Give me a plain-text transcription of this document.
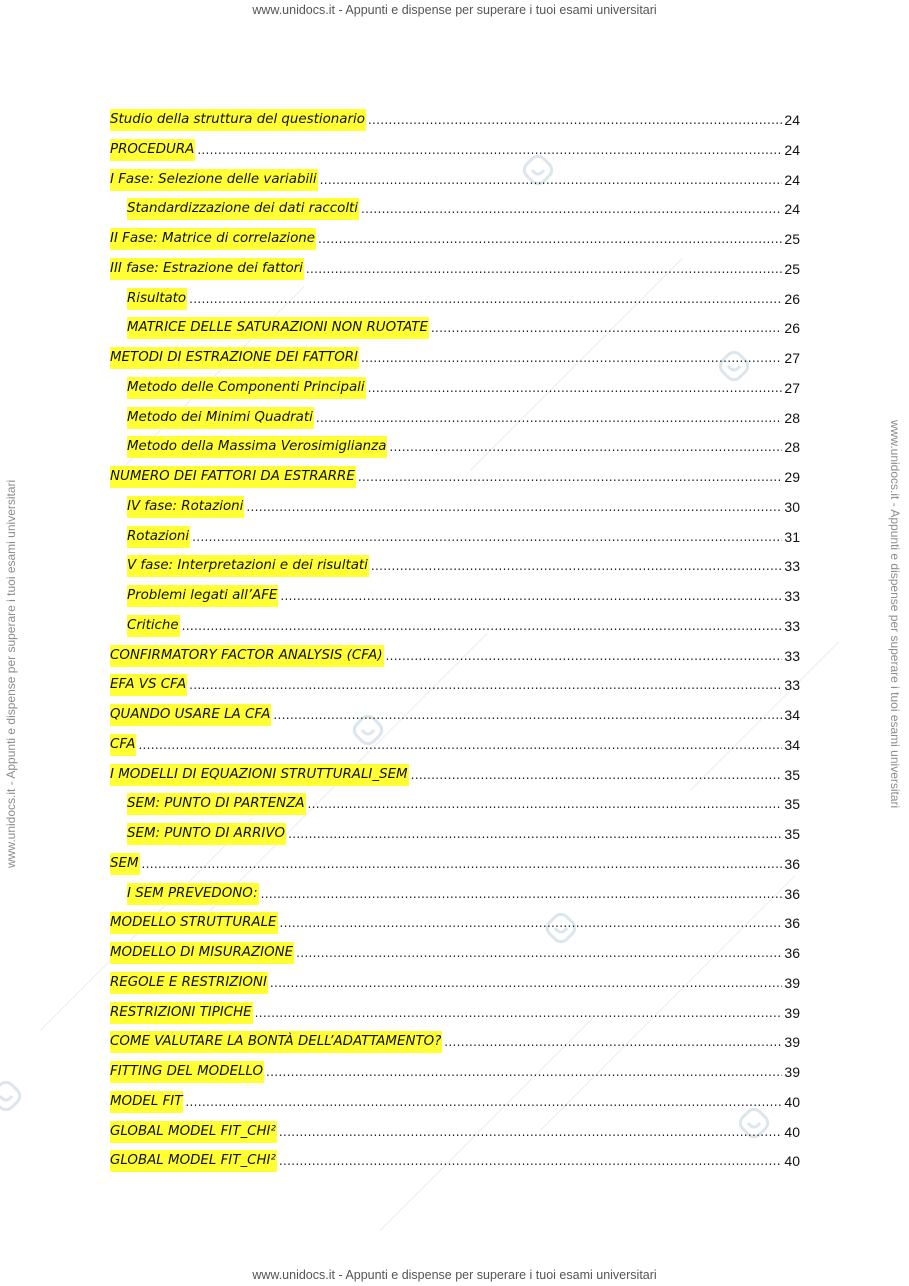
www.unidocs.it - Appunti e dispense per superare i tuoi esami universitari
www.unidocs.it - Appunti e dispense per superare i tuoi esami universitari
www.unidocs.it - Appunti e dispense per superare i tuoi esami universitari	www.unidocs.it - Appunti e dispense per superare i tuoi esami universitari
Studio della struttura del questionario .....	24
PROCEDURA .....	24
I Fase: Selezione delle variabili .....	24
Standardizzazione dei dati raccolti .....	24
II Fase: Matrice di correlazione .....	25
III fase: Estrazione dei fattori .....	25
Risultato .....	26
MATRICE DELLE SATURAZIONI NON RUOTATE .....	26
METODI DI ESTRAZIONE DEI FATTORI .....	27
Metodo delle Componenti Principali .....	27
Metodo dei Minimi Quadrati .....	28
Metodo della Massima Verosimiglianza .....	28
NUMERO DEI FATTORI DA ESTRARRE .....	29
IV fase: Rotazioni .....	30
Rotazioni .....	31
V fase: Interpretazioni e dei risultati .....	33
Problemi legati all’AFE .....	33
Critiche .....	33
CONFIRMATORY FACTOR ANALYSIS (CFA) .....	33
EFA VS CFA .....	33
QUANDO USARE LA CFA .....	34
CFA .....	34
I MODELLI DI EQUAZIONI STRUTTURALI_SEM .....	35
SEM: PUNTO DI PARTENZA .....	35
SEM: PUNTO DI ARRIVO .....	35
SEM .....	36
I SEM PREVEDONO: .....	36
MODELLO STRUTTURALE .....	36
MODELLO DI MISURAZIONE .....	36
REGOLE E RESTRIZIONI .....	39
RESTRIZIONI TIPICHE .....	39
COME VALUTARE LA BONTÀ DELL’ADATTAMENTO? .....	39
FITTING DEL MODELLO .....	39
MODEL FIT .....	40
GLOBAL MODEL FIT_CHI² .....	40
GLOBAL MODEL FIT_CHI² .....	40
